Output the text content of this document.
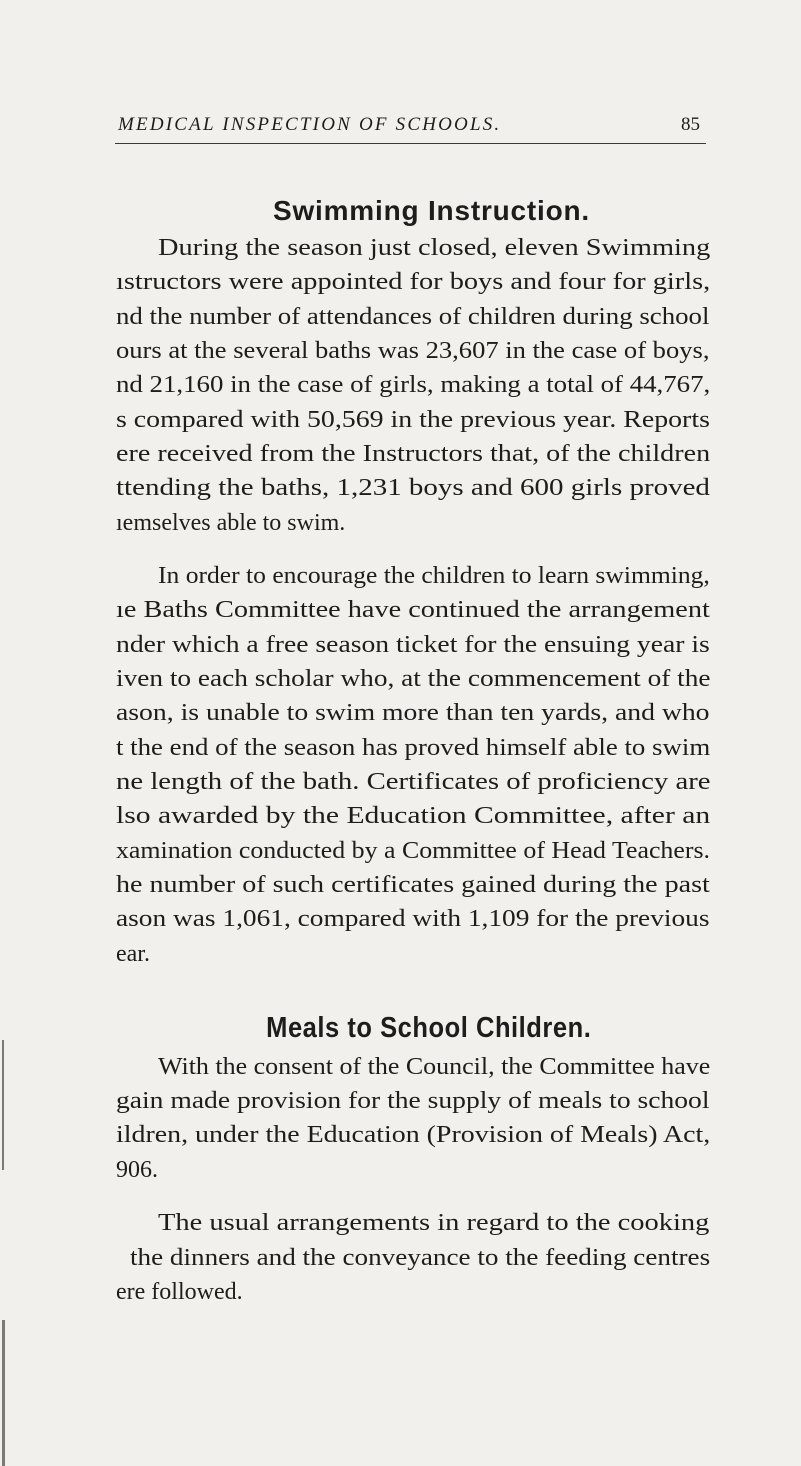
MEDICAL INSPECTION OF SCHOOLS.	85
Swimming Instruction.
During the season just closed, eleven Swimming
ıstructors were appointed for boys and four for girls,
nd the number of attendances of children during school
ours at the several baths was 23,607 in the case of boys,
nd 21,160 in the case of girls, making a total of 44,767,
s compared with 50,569 in the previous year. Reports
ere received from the Instructors that, of the children
ttending the baths, 1,231 boys and 600 girls proved
ıemselves able to swim.
In order to encourage the children to learn swimming,
ıe Baths Committee have continued the arrangement
nder which a free season ticket for the ensuing year is
iven to each scholar who, at the commencement of the
ason, is unable to swim more than ten yards, and who
t the end of the season has proved himself able to swim
ne length of the bath. Certificates of proficiency are
lso awarded by the Education Committee, after an
xamination conducted by a Committee of Head Teachers.
he number of such certificates gained during the past
ason was 1,061, compared with 1,109 for the previous
ear.
Meals to School Children.
With the consent of the Council, the Committee have
gain made provision for the supply of meals to school
ildren, under the Education (Provision of Meals) Act,
906.
The usual arrangements in regard to the cooking
the dinners and the conveyance to the feeding centres
ere followed.
